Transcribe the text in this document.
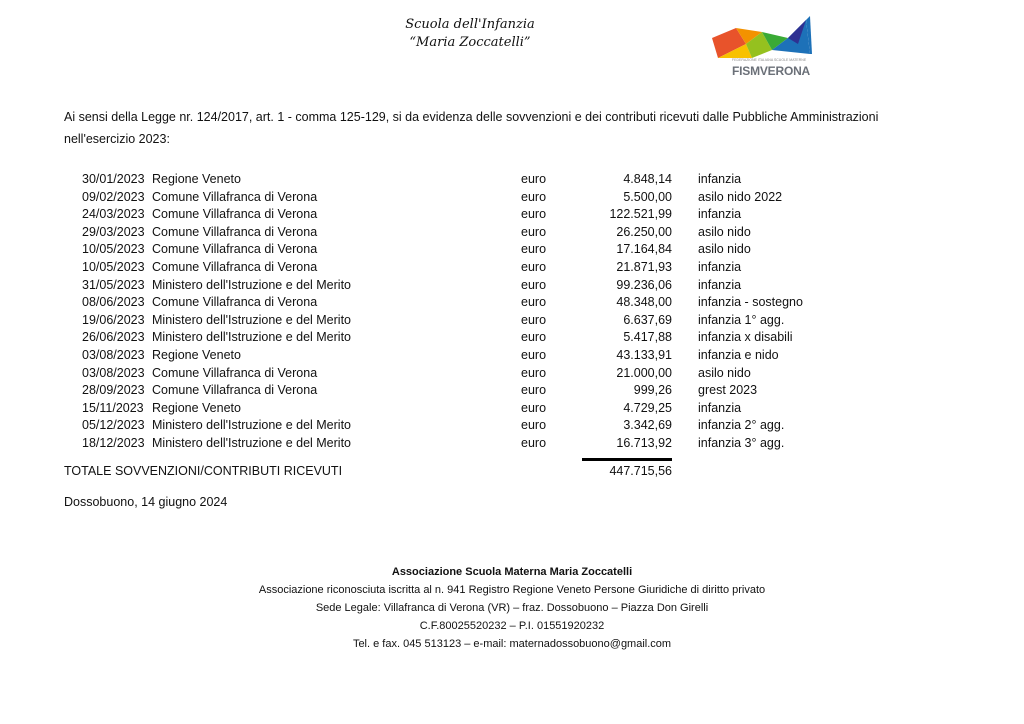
Scuola dell'Infanzia
“Maria Zoccatelli”
FEDERAZIONE ITALIANA SCUOLE MATERNE
FISMVERONA
Ai sensi della Legge nr. 124/2017, art. 1 - comma 125-129, si da evidenza delle sovvenzioni e dei contributi ricevuti dalle Pubbliche Amministrazioni nell'esercizio 2023:
30/01/2023 Regione Veneto	euro	4.848,14 infanzia
09/02/2023 Comune Villafranca di Verona	euro	5.500,00 asilo nido 2022
24/03/2023 Comune Villafranca di Verona	euro	122.521,99 infanzia
29/03/2023 Comune Villafranca di Verona	euro	26.250,00 asilo nido
10/05/2023 Comune Villafranca di Verona	euro	17.164,84 asilo nido
10/05/2023 Comune Villafranca di Verona	euro	21.871,93 infanzia
31/05/2023 Ministero dell'Istruzione e del Merito	euro	99.236,06 infanzia
08/06/2023 Comune Villafranca di Verona	euro	48.348,00 infanzia - sostegno
19/06/2023 Ministero dell'Istruzione e del Merito	euro	6.637,69 infanzia 1° agg.
26/06/2023 Ministero dell'Istruzione e del Merito	euro	5.417,88 infanzia x disabili
03/08/2023 Regione Veneto	euro	43.133,91 infanzia e nido
03/08/2023 Comune Villafranca di Verona	euro	21.000,00 asilo nido
28/09/2023 Comune Villafranca di Verona	euro	999,26 grest 2023
15/11/2023 Regione Veneto	euro	4.729,25 infanzia
05/12/2023 Ministero dell'Istruzione e del Merito	euro	3.342,69 infanzia 2° agg.
18/12/2023 Ministero dell'Istruzione e del Merito	euro	16.713,92 infanzia 3° agg.
TOTALE SOVVENZIONI/CONTRIBUTI RICEVUTI	447.715,56
Dossobuono, 14 giugno 2024
Associazione Scuola Materna Maria Zoccatelli
Associazione riconosciuta iscritta al n. 941 Registro Regione Veneto Persone Giuridiche di diritto privato
Sede Legale: Villafranca di Verona (VR) – fraz. Dossobuono – Piazza Don Girelli
C.F.80025520232 – P.I. 01551920232
Tel. e fax. 045 513123 – e-mail: maternadossobuono@gmail.com
